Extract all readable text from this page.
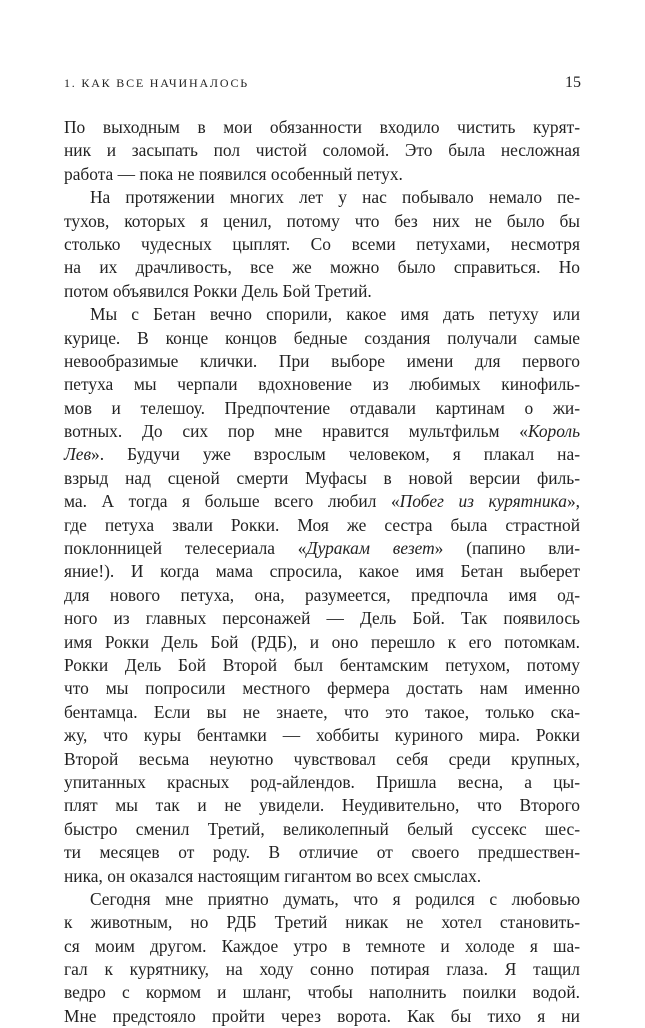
1. КАК ВСЕ НАЧИНАЛОСЬ	15
По выходным в мои обязанности входило чистить курят-
ник и засыпать пол чистой соломой. Это была несложная
работа — пока не появился особенный петух.
На протяжении многих лет у нас побывало немало пе-
тухов, которых я ценил, потому что без них не было бы
столько чудесных цыплят. Со всеми петухами, несмотря
на их драчливость, все же можно было справиться. Но
потом объявился Рокки Дель Бой Третий.
Мы с Бетан вечно спорили, какое имя дать петуху или
курице. В конце концов бедные создания получали самые
невообразимые клички. При выборе имени для первого
петуха мы черпали вдохновение из любимых кинофиль-
мов и телешоу. Предпочтение отдавали картинам о жи-
вотных. До сих пор мне нравится мультфильм «Король
Лев». Будучи уже взрослым человеком, я плакал на-
взрыд над сценой смерти Муфасы в новой версии филь-
ма. А тогда я больше всего любил «Побег из курятника»,
где петуха звали Рокки. Моя же сестра была страстной
поклонницей телесериала «Дуракам везет» (папино вли-
яние!). И когда мама спросила, какое имя Бетан выберет
для нового петуха, она, разумеется, предпочла имя од-
ного из главных персонажей — Дель Бой. Так появилось
имя Рокки Дель Бой (РДБ), и оно перешло к его потомкам.
Рокки Дель Бой Второй был бентамским петухом, потому
что мы попросили местного фермера достать нам именно
бентамца. Если вы не знаете, что это такое, только ска-
жу, что куры бентамки — хоббиты куриного мира. Рокки
Второй весьма неуютно чувствовал себя среди крупных,
упитанных красных род-айлендов. Пришла весна, а цы-
плят мы так и не увидели. Неудивительно, что Второго
быстро сменил Третий, великолепный белый суссекс шес-
ти месяцев от роду. В отличие от своего предшествен-
ника, он оказался настоящим гигантом во всех смыслах.
Сегодня мне приятно думать, что я родился с любовью
к животным, но РДБ Третий никак не хотел становить-
ся моим другом. Каждое утро в темноте и холоде я ша-
гал к курятнику, на ходу сонно потирая глаза. Я тащил
ведро с кормом и шланг, чтобы наполнить поилки водой.
Мне предстояло пройти через ворота. Как бы тихо я ни
